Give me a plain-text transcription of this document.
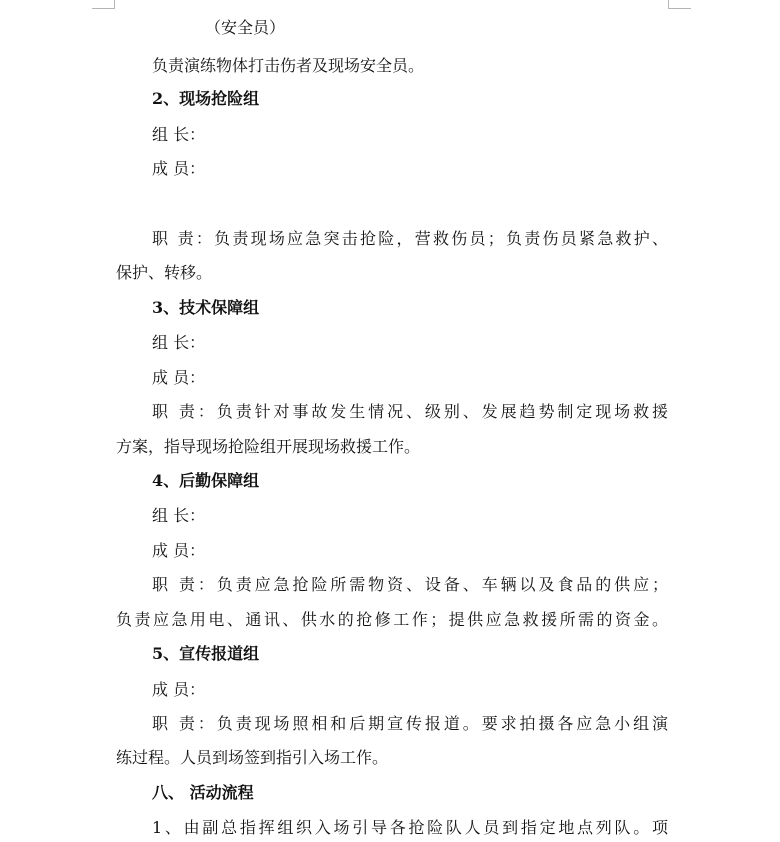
（安全员）
负责演练物体打击伤者及现场安全员。
2、现场抢险组
组 长：
成 员：
职 责：负责现场应急突击抢险，营救伤员；负责伤员紧急救护、
保护、转移。
3、技术保障组
组 长：
成 员：
职 责：负责针对事故发生情况、级别、发展趋势制定现场救援
方案，指导现场抢险组开展现场救援工作。
4、后勤保障组
组 长：
成 员：
职 责：负责应急抢险所需物资、设备、车辆以及食品的供应；
负责应急用电、通讯、供水的抢修工作；提供应急救援所需的资金。
5、宣传报道组
成 员：
职 责：负责现场照相和后期宣传报道。要求拍摄各应急小组演
练过程。人员到场签到指引入场工作。
八、 活动流程
1、由副总指挥组织入场引导各抢险队人员到指定地点列队。项
